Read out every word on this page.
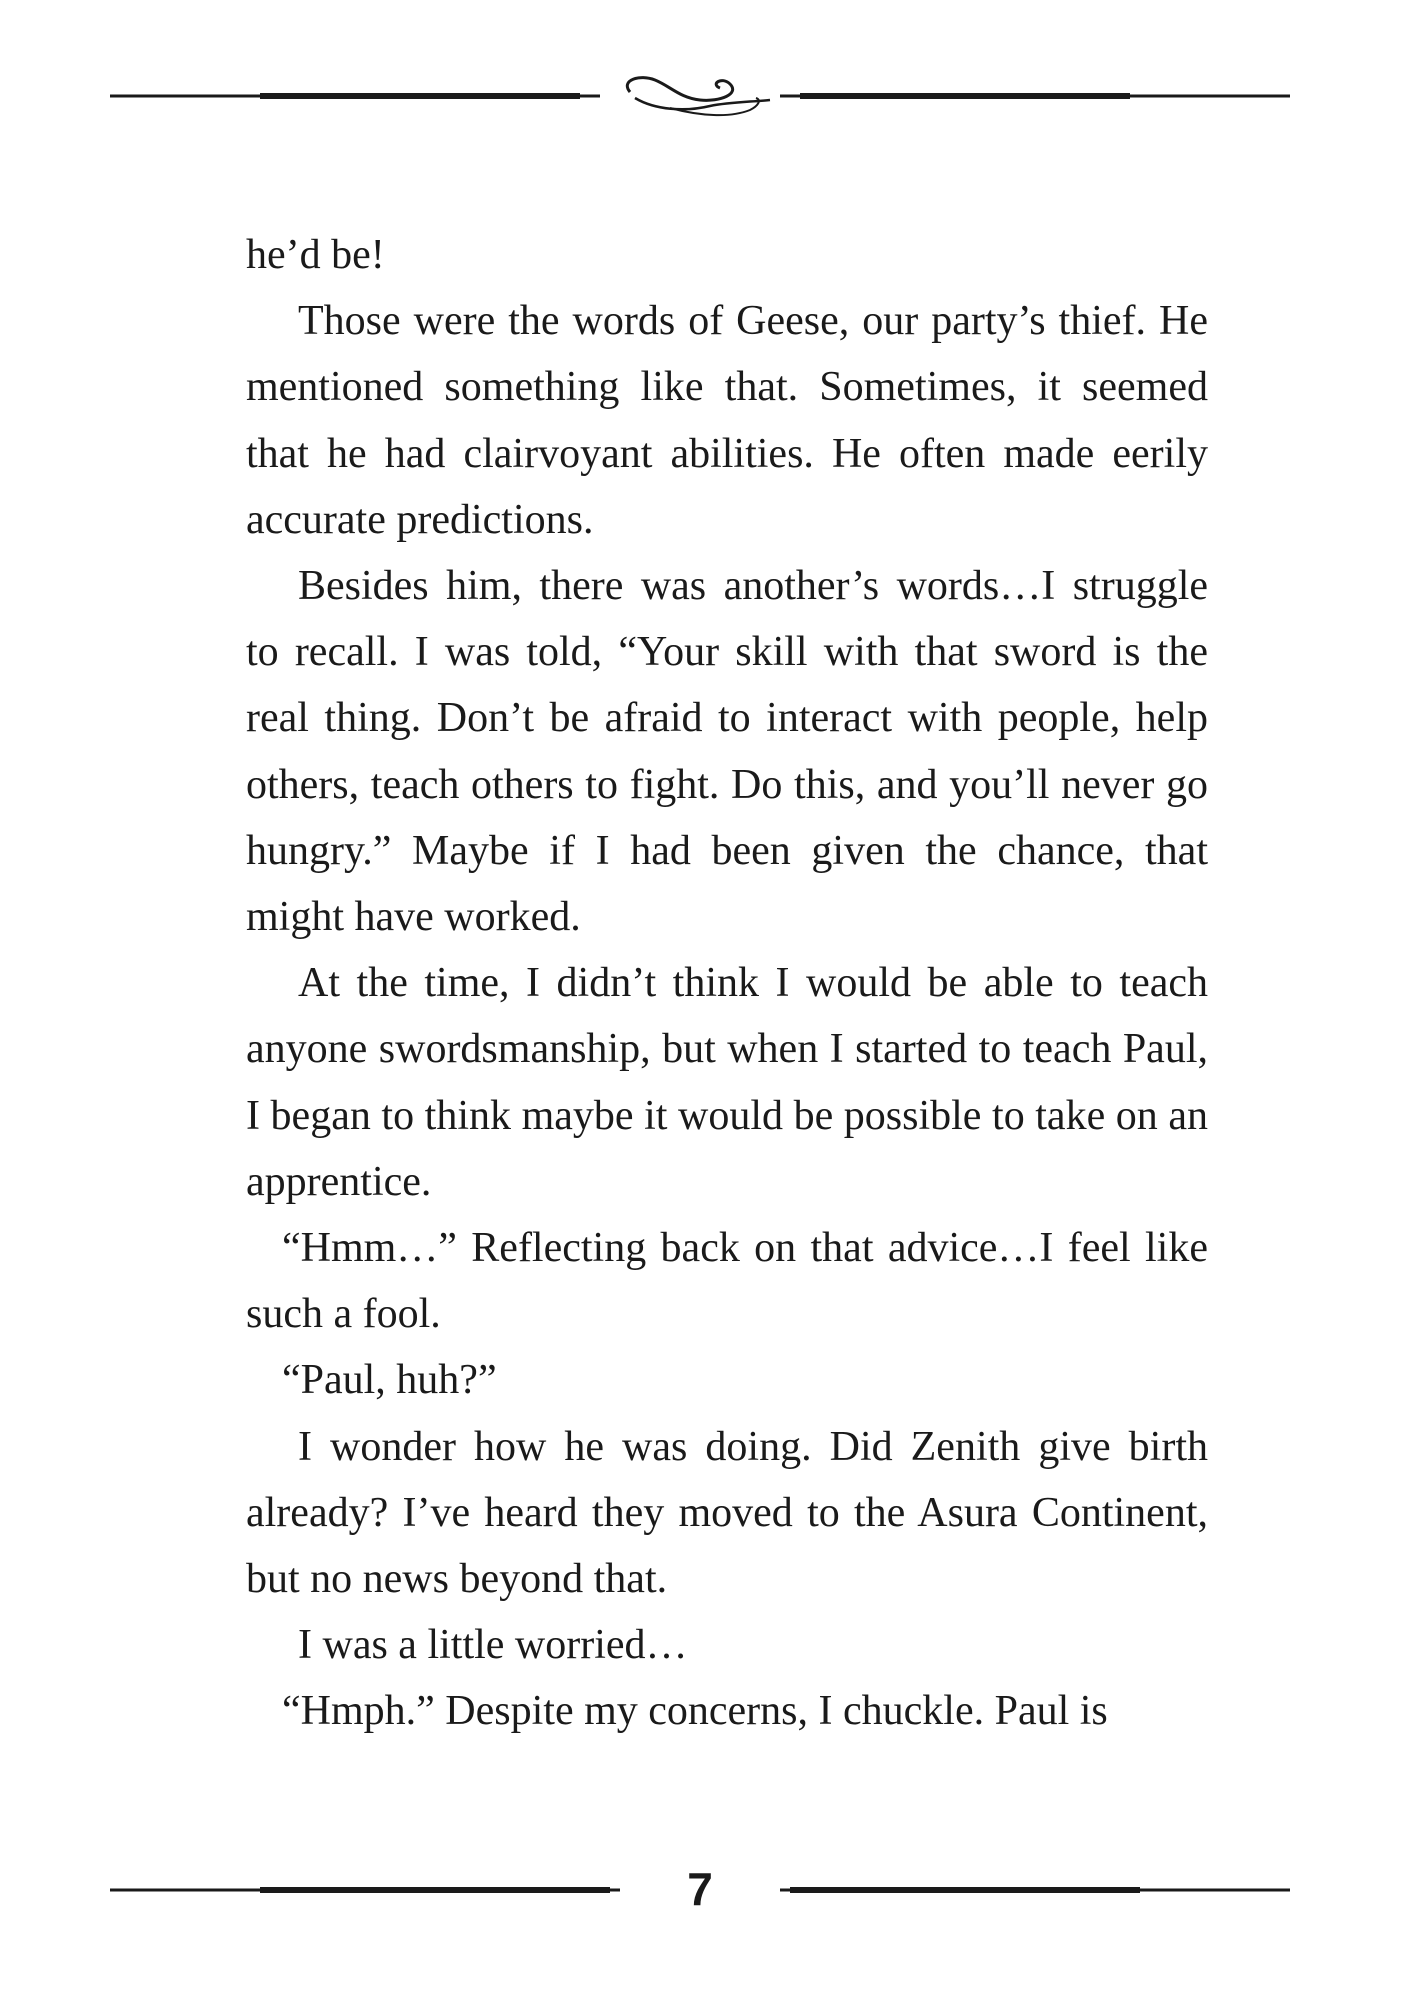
he’d be!

Those were the words of Geese, our party’s thief. He mentioned something like that. Sometimes, it seemed that he had clairvoyant abilities. He often made eerily accurate predictions.

Besides him, there was another’s words…I struggle to recall. I was told, “Your skill with that sword is the real thing. Don’t be afraid to interact with people, help others, teach others to fight. Do this, and you’ll never go hungry.” Maybe if I had been given the chance, that might have worked.

At the time, I didn’t think I would be able to teach anyone swordsmanship, but when I started to teach Paul, I began to think maybe it would be possible to take on an apprentice.

“Hmm…” Reflecting back on that advice…I feel like such a fool.

“Paul, huh?”

I wonder how he was doing. Did Zenith give birth already? I’ve heard they moved to the Asura Continent, but no news beyond that.

I was a little worried…

“Hmph.” Despite my concerns, I chuckle. Paul is

7
